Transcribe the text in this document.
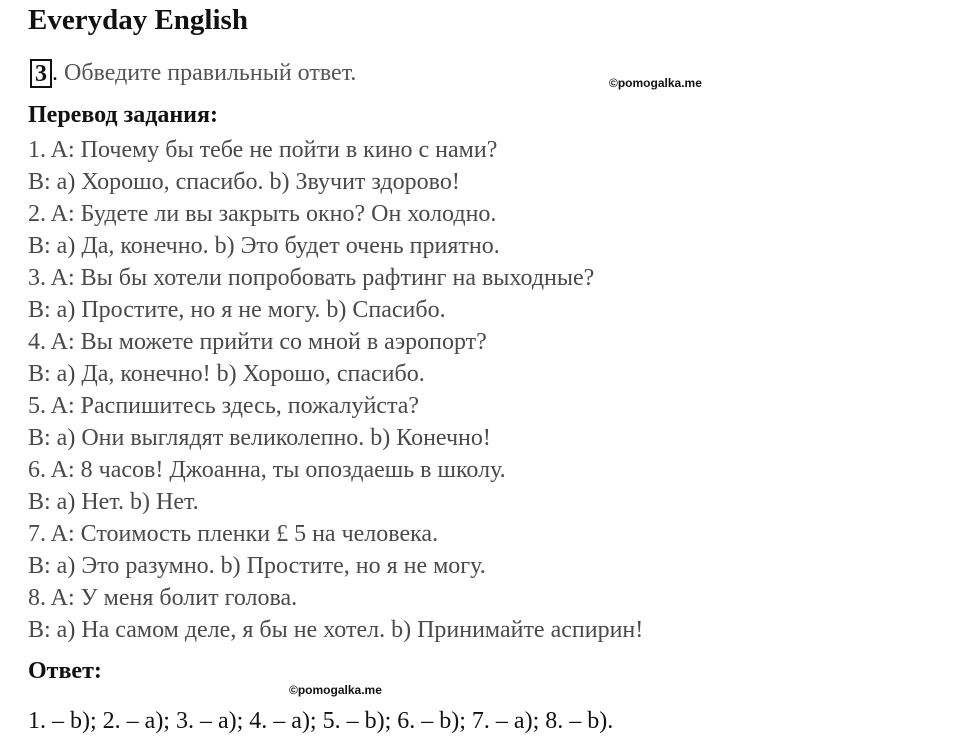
Everyday English
3 . Обведите правильный ответ.	©pomogalka.me
Перевод задания:
1. A: Почему бы тебе не пойти в кино с нами?
B: a) Хорошо, спасибо. b) Звучит здорово!
2. A: Будете ли вы закрыть окно? Он холодно.
B: a) Да, конечно. b) Это будет очень приятно.
3. A: Вы бы хотели попробовать рафтинг на выходные?
B: a) Простите, но я не могу. b) Спасибо.
4. A: Вы можете прийти со мной в аэропорт?
B: a) Да, конечно! b) Хорошо, спасибо.
5. A: Распишитесь здесь, пожалуйста?
B: a) Они выглядят великолепно. b) Конечно!
6. A: 8 часов! Джоанна, ты опоздаешь в школу.
B: a) Нет. b) Нет.
7. A: Стоимость пленки £ 5 на человека.
B: a) Это разумно. b) Простите, но я не могу.
8. A: У меня болит голова.
B: a) На самом деле, я бы не хотел. b) Принимайте аспирин!
Ответ:
©pomogalka.me
1. – b); 2. – a); 3. – a); 4. – a); 5. – b); 6. – b); 7. – a); 8. – b).
